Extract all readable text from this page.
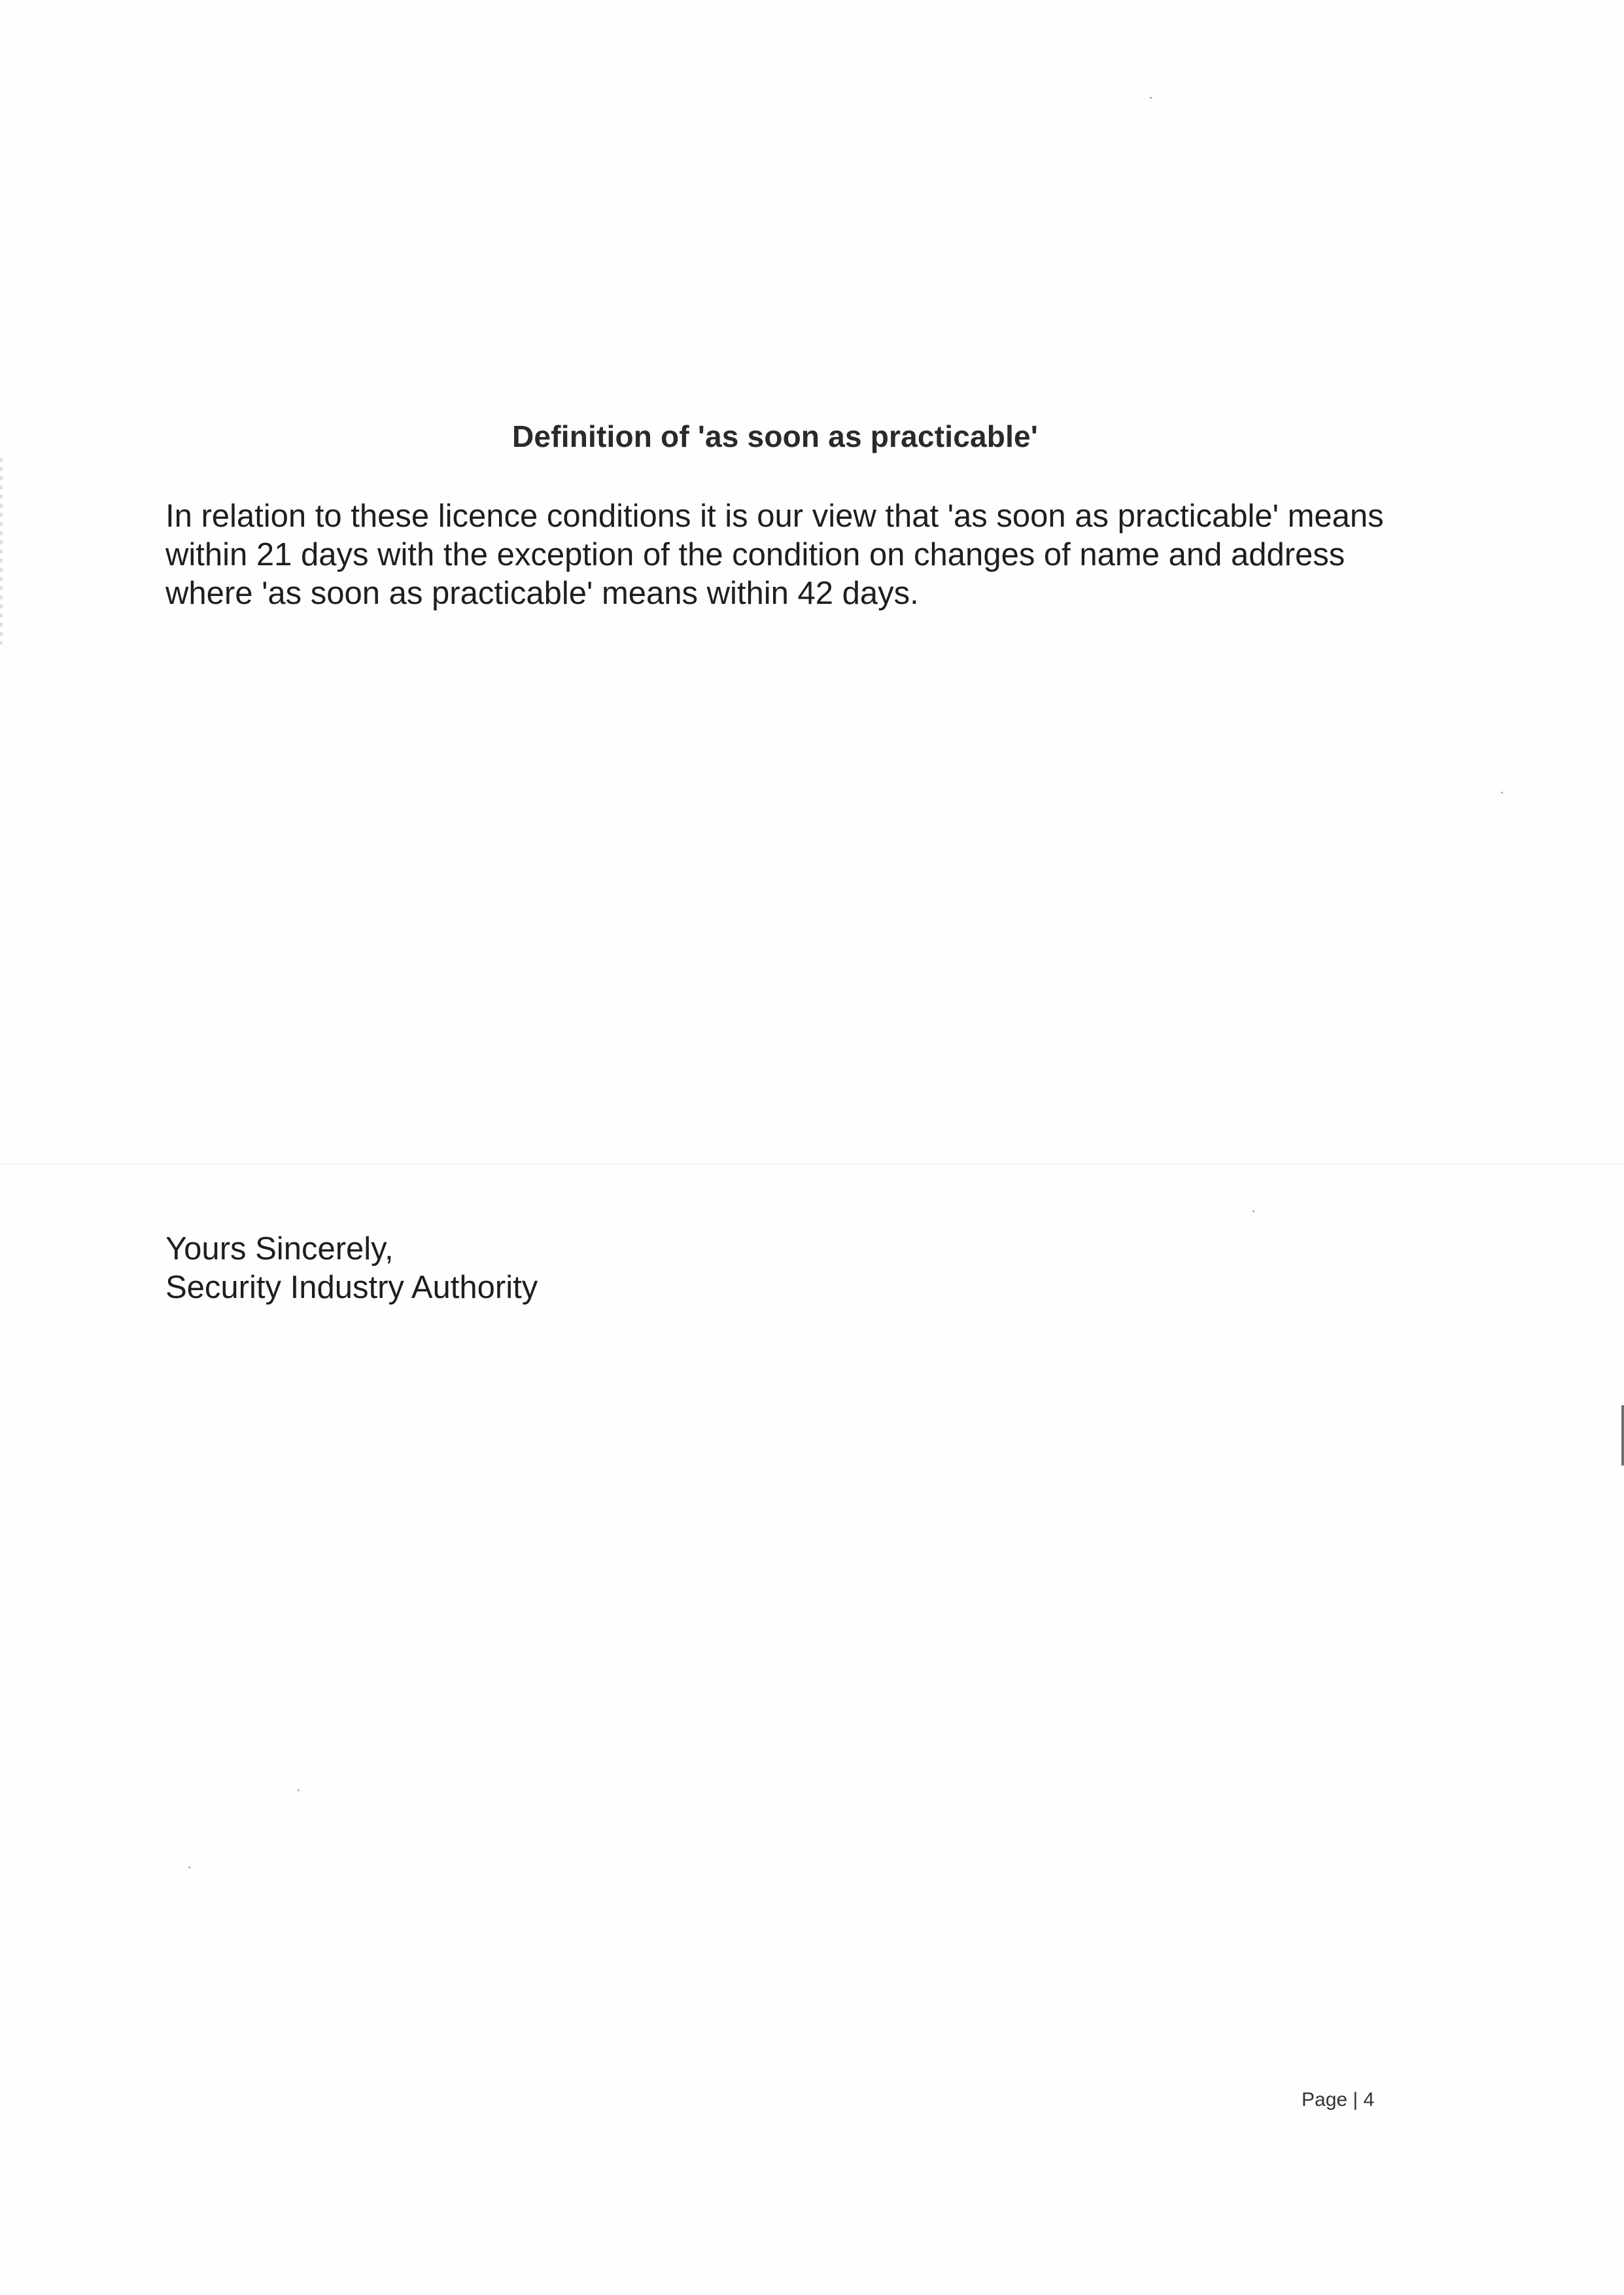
Definition of 'as soon as practicable'

In relation to these licence conditions it is our view that 'as soon as practicable' means within 21 days with the exception of the condition on changes of name and address where 'as soon as practicable' means within 42 days.

Yours Sincerely,
Security Industry Authority
Page | 4
